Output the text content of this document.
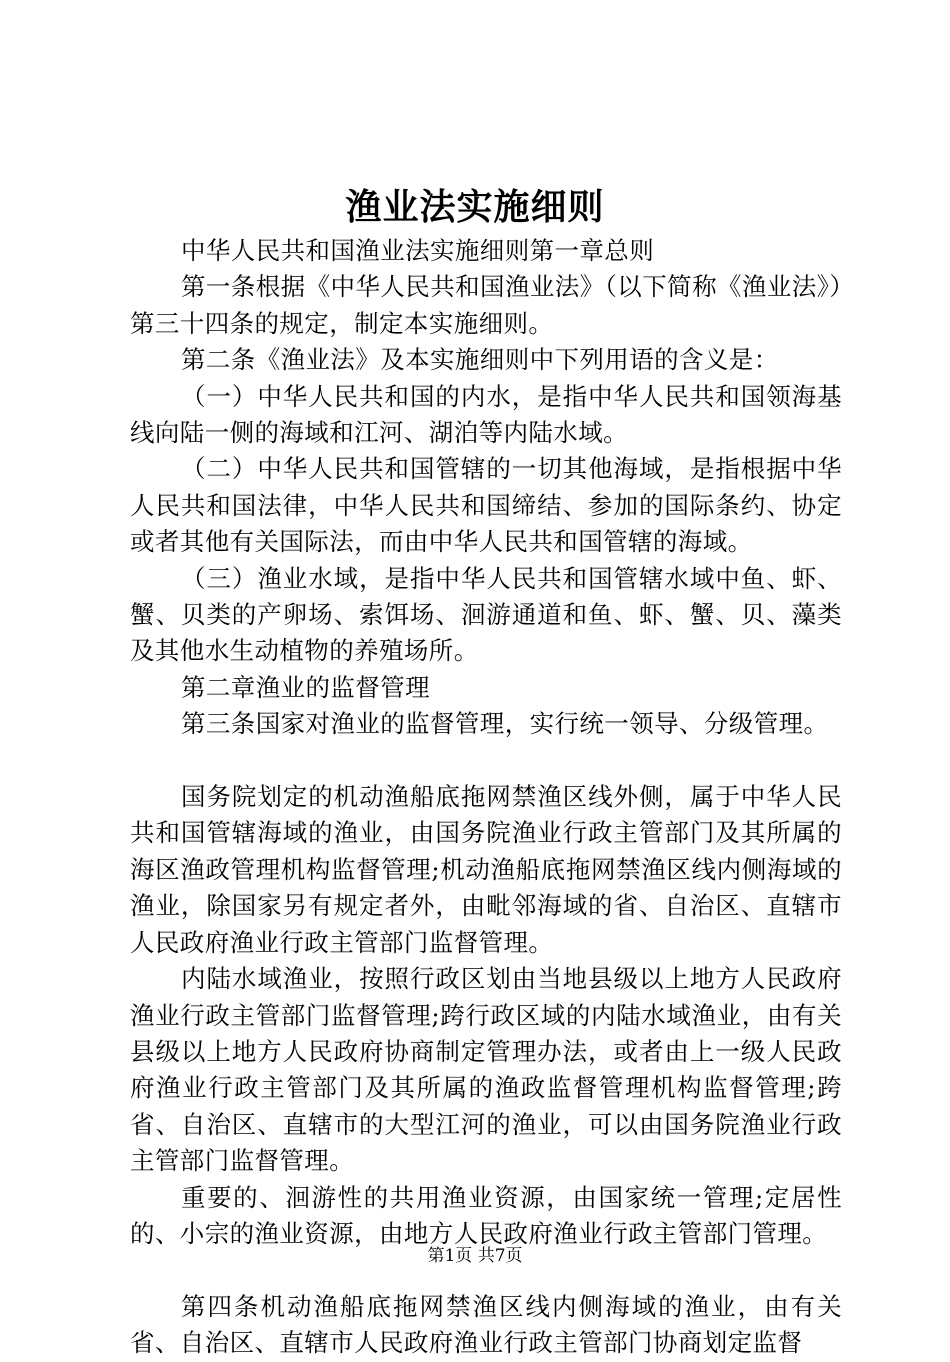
渔业法实施细则

中华人民共和国渔业法实施细则第一章总则

第一条根据《中华人民共和国渔业法》（以下简称《渔业法》）第三十四条的规定，制定本实施细则。

第二条《渔业法》及本实施细则中下列用语的含义是：

（一）中华人民共和国的内水，是指中华人民共和国领海基线向陆一侧的海域和江河、湖泊等内陆水域。

（二）中华人民共和国管辖的一切其他海域，是指根据中华人民共和国法律，中华人民共和国缔结、参加的国际条约、协定或者其他有关国际法，而由中华人民共和国管辖的海域。

（三）渔业水域，是指中华人民共和国管辖水域中鱼、虾、蟹、贝类的产卵场、索饵场、洄游通道和鱼、虾、蟹、贝、藻类及其他水生动植物的养殖场所。

第二章渔业的监督管理

第三条国家对渔业的监督管理，实行统一领导、分级管理。

国务院划定的机动渔船底拖网禁渔区线外侧，属于中华人民共和国管辖海域的渔业，由国务院渔业行政主管部门及其所属的海区渔政管理机构监督管理;机动渔船底拖网禁渔区线内侧海域的渔业，除国家另有规定者外，由毗邻海域的省、自治区、直辖市人民政府渔业行政主管部门监督管理。

内陆水域渔业，按照行政区划由当地县级以上地方人民政府渔业行政主管部门监督管理;跨行政区域的内陆水域渔业，由有关县级以上地方人民政府协商制定管理办法，或者由上一级人民政府渔业行政主管部门及其所属的渔政监督管理机构监督管理;跨省、自治区、直辖市的大型江河的渔业，可以由国务院渔业行政主管部门监督管理。

重要的、洄游性的共用渔业资源，由国家统一管理;定居性的、小宗的渔业资源，由地方人民政府渔业行政主管部门管理。

第四条机动渔船底拖网禁渔区线内侧海域的渔业，由有关省、自治区、直辖市人民政府渔业行政主管部门协商划定监督

第1页 共7页
